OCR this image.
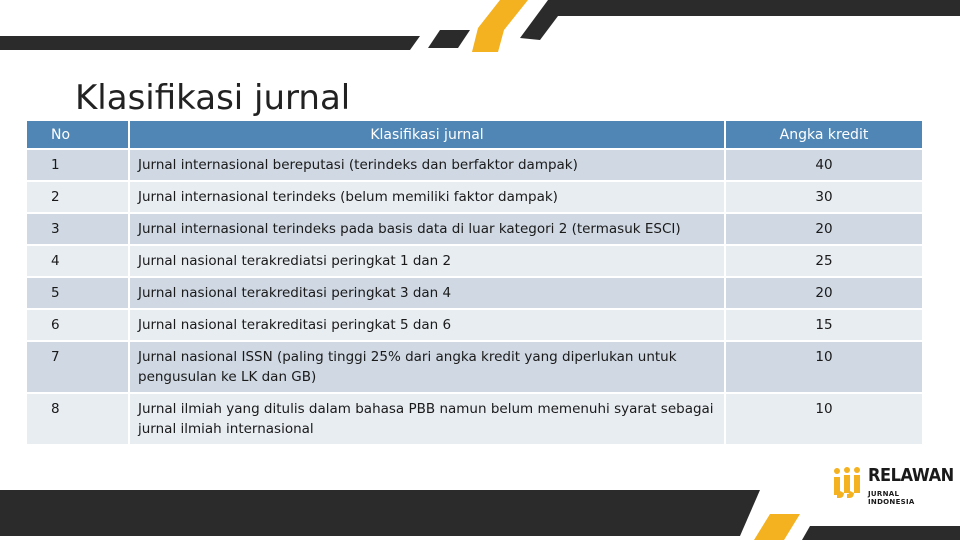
Klasifikasi jurnal
No	Klasifikasi jurnal	Angka kredit
1	Jurnal internasional bereputasi (terindeks dan berfaktor dampak)	40
2	Jurnal internasional terindeks (belum memiliki faktor dampak)	30
3	Jurnal internasional terindeks pada basis data di luar kategori 2 (termasuk ESCI)	20
4	Jurnal nasional terakrediatsi peringkat 1 dan 2	25
5	Jurnal nasional terakreditasi peringkat 3 dan 4	20
6	Jurnal nasional terakreditasi peringkat 5 dan 6	15
7	Jurnal nasional ISSN (paling tinggi 25% dari angka kredit yang diperlukan untuk pengusulan ke LK dan GB)	10
8	Jurnal ilmiah yang ditulis dalam bahasa PBB namun belum memenuhi syarat sebagai jurnal ilmiah internasional	10
RELAWAN
JURNAL INDONESIA
